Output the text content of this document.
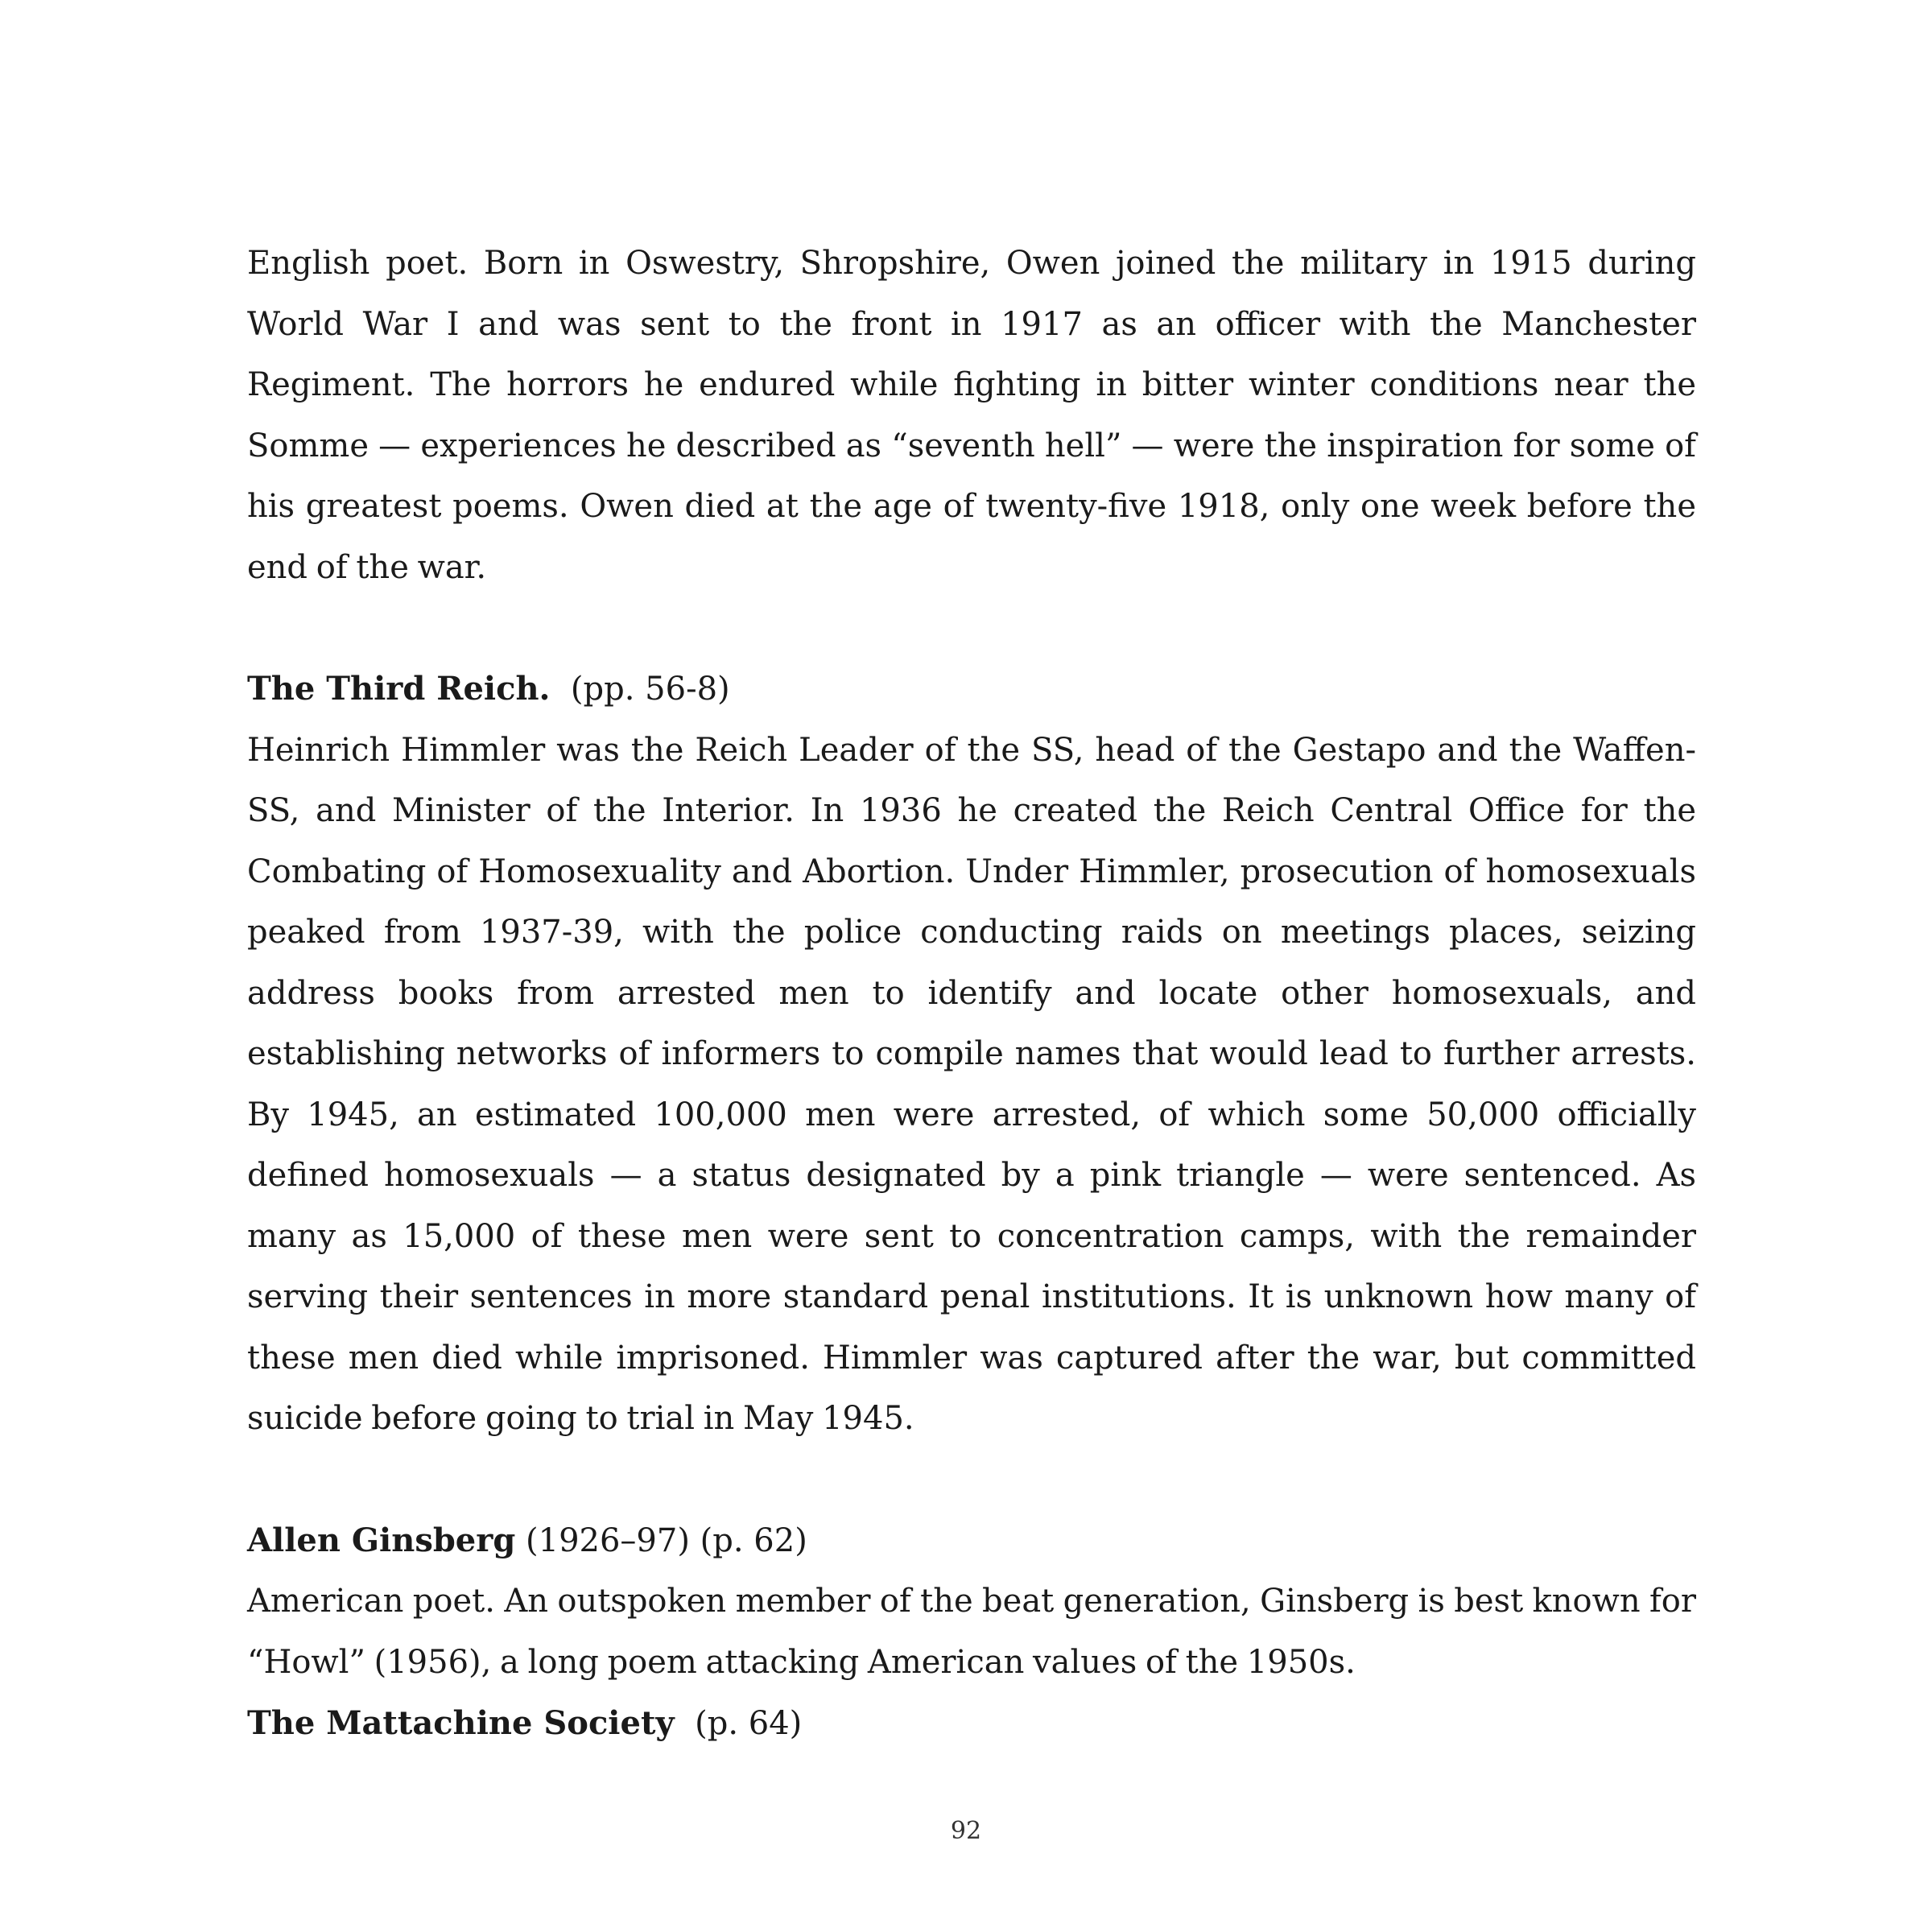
English poet. Born in Oswestry, Shropshire, Owen joined the military in 1915 during World War I and was sent to the front in 1917 as an officer with the Manchester Regiment. The horrors he endured while fighting in bitter winter conditions near the Somme — experiences he described as “seventh hell” — were the inspiration for some of his greatest poems. Owen died at the age of twenty-five 1918, only one week before the end of the war.

The Third Reich. (pp. 56-8)

Heinrich Himmler was the Reich Leader of the SS, head of the Gestapo and the Waffen-SS, and Minister of the Interior. In 1936 he created the Reich Central Office for the Combating of Homosexuality and Abortion. Under Himmler, prosecution of homosexuals peaked from 1937-39, with the police conducting raids on meetings places, seizing address books from arrested men to identify and locate other homosexuals, and establishing networks of informers to compile names that would lead to further arrests. By 1945, an estimated 100,000 men were arrested, of which some 50,000 officially defined homosexuals — a status designated by a pink triangle — were sentenced. As many as 15,000 of these men were sent to concentration camps, with the remainder serving their sentences in more standard penal institutions. It is unknown how many of these men died while imprisoned. Himmler was captured after the war, but committed suicide before going to trial in May 1945.

Allen Ginsberg (1926–97) (p. 62)

American poet. An outspoken member of the beat generation, Ginsberg is best known for “Howl” (1956), a long poem attacking American values of the 1950s.

The Mattachine Society (p. 64)

92
